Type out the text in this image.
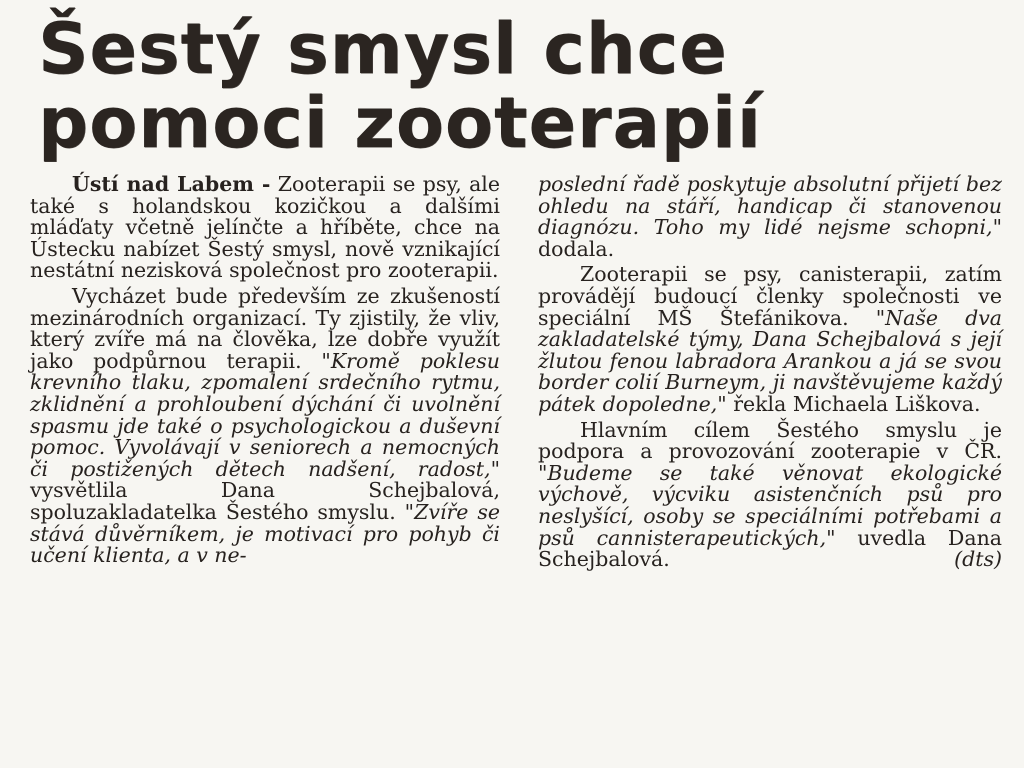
Šestý smysl chce
pomoci zooterapií

Ústí nad Labem - Zooterapii se psy, ale také s holandskou kozičkou a dalšími mláďaty včetně jelínčte a hříběte, chce na Ústecku nabízet Šestý smysl, nově vznikající nestátní nezisková společnost pro zooterapii.

Vycházet bude především ze zkušeností mezinárodních organizací. Ty zjistily, že vliv, který zvíře má na člověka, lze dobře využít jako podpůrnou terapii. "Kromě poklesu krevního tlaku, zpomalení srdečního rytmu, zklidnění a prohloubení dýchání či uvolnění spasmu jde také o psychologickou a duševní pomoc. Vyvolávají v seniorech a nemocných či postižených dětech nadšení, radost," vysvětlila Dana Schejbalová, spoluzakladatelka Šestého smyslu. "Zvíře se stává důvěrníkem, je motivací pro pohyb či učení klienta, a v ne-

poslední řadě poskytuje absolutní přijetí bez ohledu na stáří, handicap či stanovenou diagnózu. Toho my lidé nejsme schopni," dodala.

Zooterapii se psy, canisterapii, zatím provádějí budoucí členky společnosti ve speciální MŠ Štefánikova. "Naše dva zakladatelské týmy, Dana Schejbalová s její žlutou fenou labradora Arankou a já se svou border colií Burneym, ji navštěvujeme každý pátek dopoledne," řekla Michaela Liškova.

Hlavním cílem Šestého smyslu je podpora a provozování zooterapie v ČR. "Budeme se také věnovat ekologické výchově, výcviku asistenčních psů pro neslyšící, osoby se speciálními potřebami a psů cannisterapeutických," uvedla Dana Schejbalová.	(dts)
